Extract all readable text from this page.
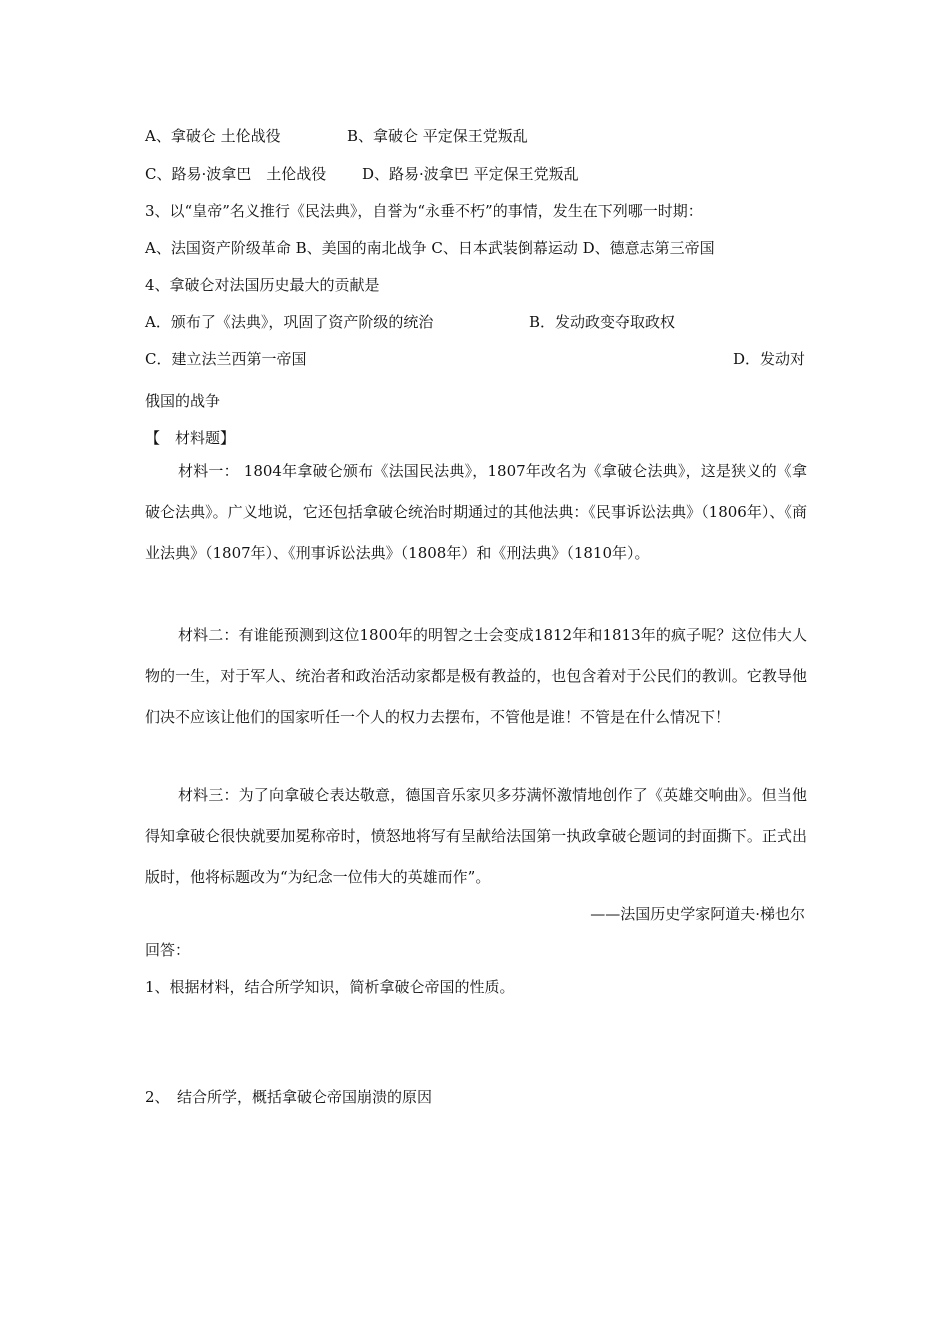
A、拿破仑 土伦战役	B、拿破仑 平定保王党叛乱
C、路易·波拿巴　土伦战役 D、路易·波拿巴 平定保王党叛乱
3、以“皇帝”名义推行《民法典》，自誉为“永垂不朽”的事情，发生在下列哪一时期：
A、法国资产阶级革命 B、美国的南北战争 C、日本武装倒幕运动 D、德意志第三帝国
4、拿破仑对法国历史最大的贡献是
A．颁布了《法典》，巩固了资产阶级的统治	B．发动政变夺取政权
C．建立法兰西第一帝国	D．发动对
俄国的战争
【　材料题】
材料一： 1804年拿破仑颁布《法国民法典》，1807年改名为《拿破仑法典》，这是狭义的《拿破仑法典》。广义地说，它还包括拿破仑统治时期通过的其他法典：《民事诉讼法典》（1806年）、《商业法典》（1807年）、《刑事诉讼法典》（1808年）和《刑法典》（1810年）。
材料二：有谁能预测到这位1800年的明智之士会变成1812年和1813年的疯子呢？这位伟大人物的一生，对于军人、统治者和政治活动家都是极有教益的，也包含着对于公民们的教训。它教导他们决不应该让他们的国家听任一个人的权力去摆布，不管他是谁！不管是在什么情况下！
材料三：为了向拿破仑表达敬意，德国音乐家贝多芬满怀激情地创作了《英雄交响曲》。但当他得知拿破仑很快就要加冕称帝时，愤怒地将写有呈献给法国第一执政拿破仑题词的封面撕下。正式出版时，他将标题改为“为纪念一位伟大的英雄而作”。
——法国历史学家阿道夫·梯也尔
回答：
1、根据材料，结合所学知识，简析拿破仑帝国的性质。
2、　结合所学，概括拿破仑帝国崩溃的原因
